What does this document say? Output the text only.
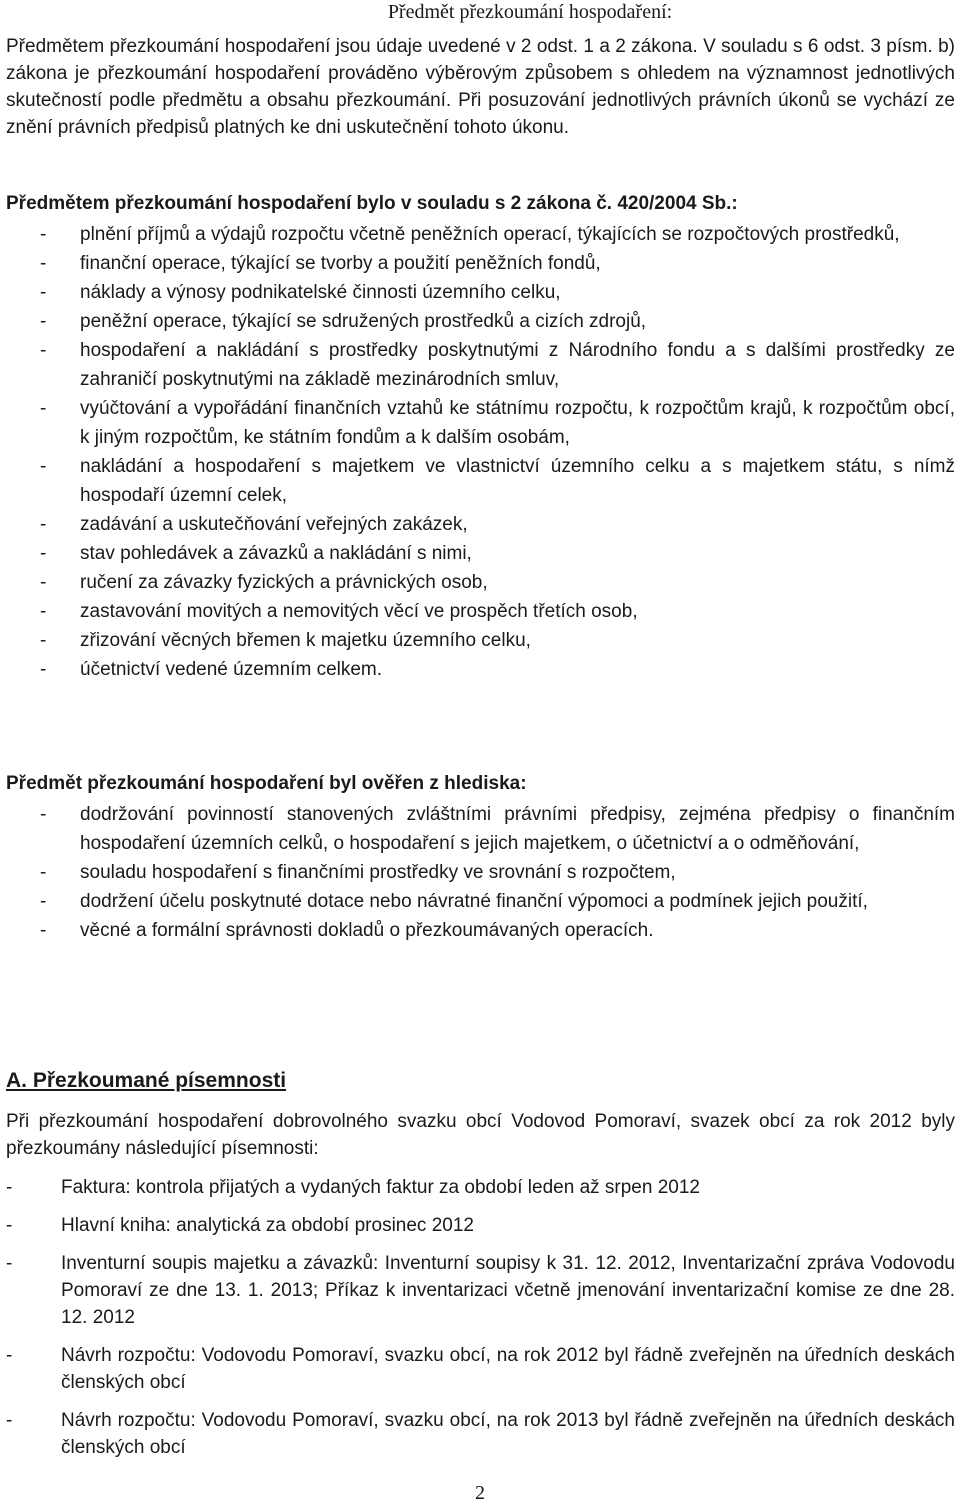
Předmět přezkoumání hospodaření:
Předmětem přezkoumání hospodaření jsou údaje uvedené v 2 odst. 1 a 2 zákona. V souladu s 6 odst. 3 písm. b) zákona je přezkoumání hospodaření prováděno výběrovým způsobem s ohledem na významnost jednotlivých skutečností podle předmětu a obsahu přezkoumání. Při posuzování jednotlivých právních úkonů se vychází ze znění právních předpisů platných ke dni uskutečnění tohoto úkonu.
Předmětem přezkoumání hospodaření bylo v souladu s 2 zákona č. 420/2004 Sb.:
- plnění příjmů a výdajů rozpočtu včetně peněžních operací, týkajících se rozpočtových prostředků,
- finanční operace, týkající se tvorby a použití peněžních fondů,
- náklady a výnosy podnikatelské činnosti územního celku,
- peněžní operace, týkající se sdružených prostředků a cizích zdrojů,
- hospodaření a nakládání s prostředky poskytnutými z Národního fondu a s dalšími prostředky ze zahraničí poskytnutými na základě mezinárodních smluv,
- vyúčtování a vypořádání finančních vztahů ke státnímu rozpočtu, k rozpočtům krajů, k rozpočtům obcí, k jiným rozpočtům, ke státním fondům a k dalším osobám,
- nakládání a hospodaření s majetkem ve vlastnictví územního celku a s majetkem státu, s nímž hospodaří územní celek,
- zadávání a uskutečňování veřejných zakázek,
- stav pohledávek a závazků a nakládání s nimi,
- ručení za závazky fyzických a právnických osob,
- zastavování movitých a nemovitých věcí ve prospěch třetích osob,
- zřizování věcných břemen k majetku územního celku,
- účetnictví vedené územním celkem.
Předmět přezkoumání hospodaření byl ověřen z hlediska:
- dodržování povinností stanovených zvláštními právními předpisy, zejména předpisy o finančním hospodaření územních celků, o hospodaření s jejich majetkem, o účetnictví a o odměňování,
- souladu hospodaření s finančními prostředky ve srovnání s rozpočtem,
- dodržení účelu poskytnuté dotace nebo návratné finanční výpomoci a podmínek jejich použití,
- věcné a formální správnosti dokladů o přezkoumávaných operacích.
A. Přezkoumané písemnosti
Při přezkoumání hospodaření dobrovolného svazku obcí Vodovod Pomoraví, svazek obcí za rok 2012 byly přezkoumány následující písemnosti:
- Faktura: kontrola přijatých a vydaných faktur za období leden až srpen 2012
- Hlavní kniha: analytická za období prosinec 2012
- Inventurní soupis majetku a závazků: Inventurní soupisy k 31. 12. 2012, Inventarizační zpráva Vodovodu Pomoraví ze dne 13. 1. 2013; Příkaz k inventarizaci včetně jmenování inventarizační komise ze dne 28. 12. 2012
- Návrh rozpočtu: Vodovodu Pomoraví, svazku obcí, na rok 2012 byl řádně zveřejněn na úředních deskách členských obcí
- Návrh rozpočtu: Vodovodu Pomoraví, svazku obcí, na rok 2013 byl řádně zveřejněn na úředních deskách členských obcí
2
